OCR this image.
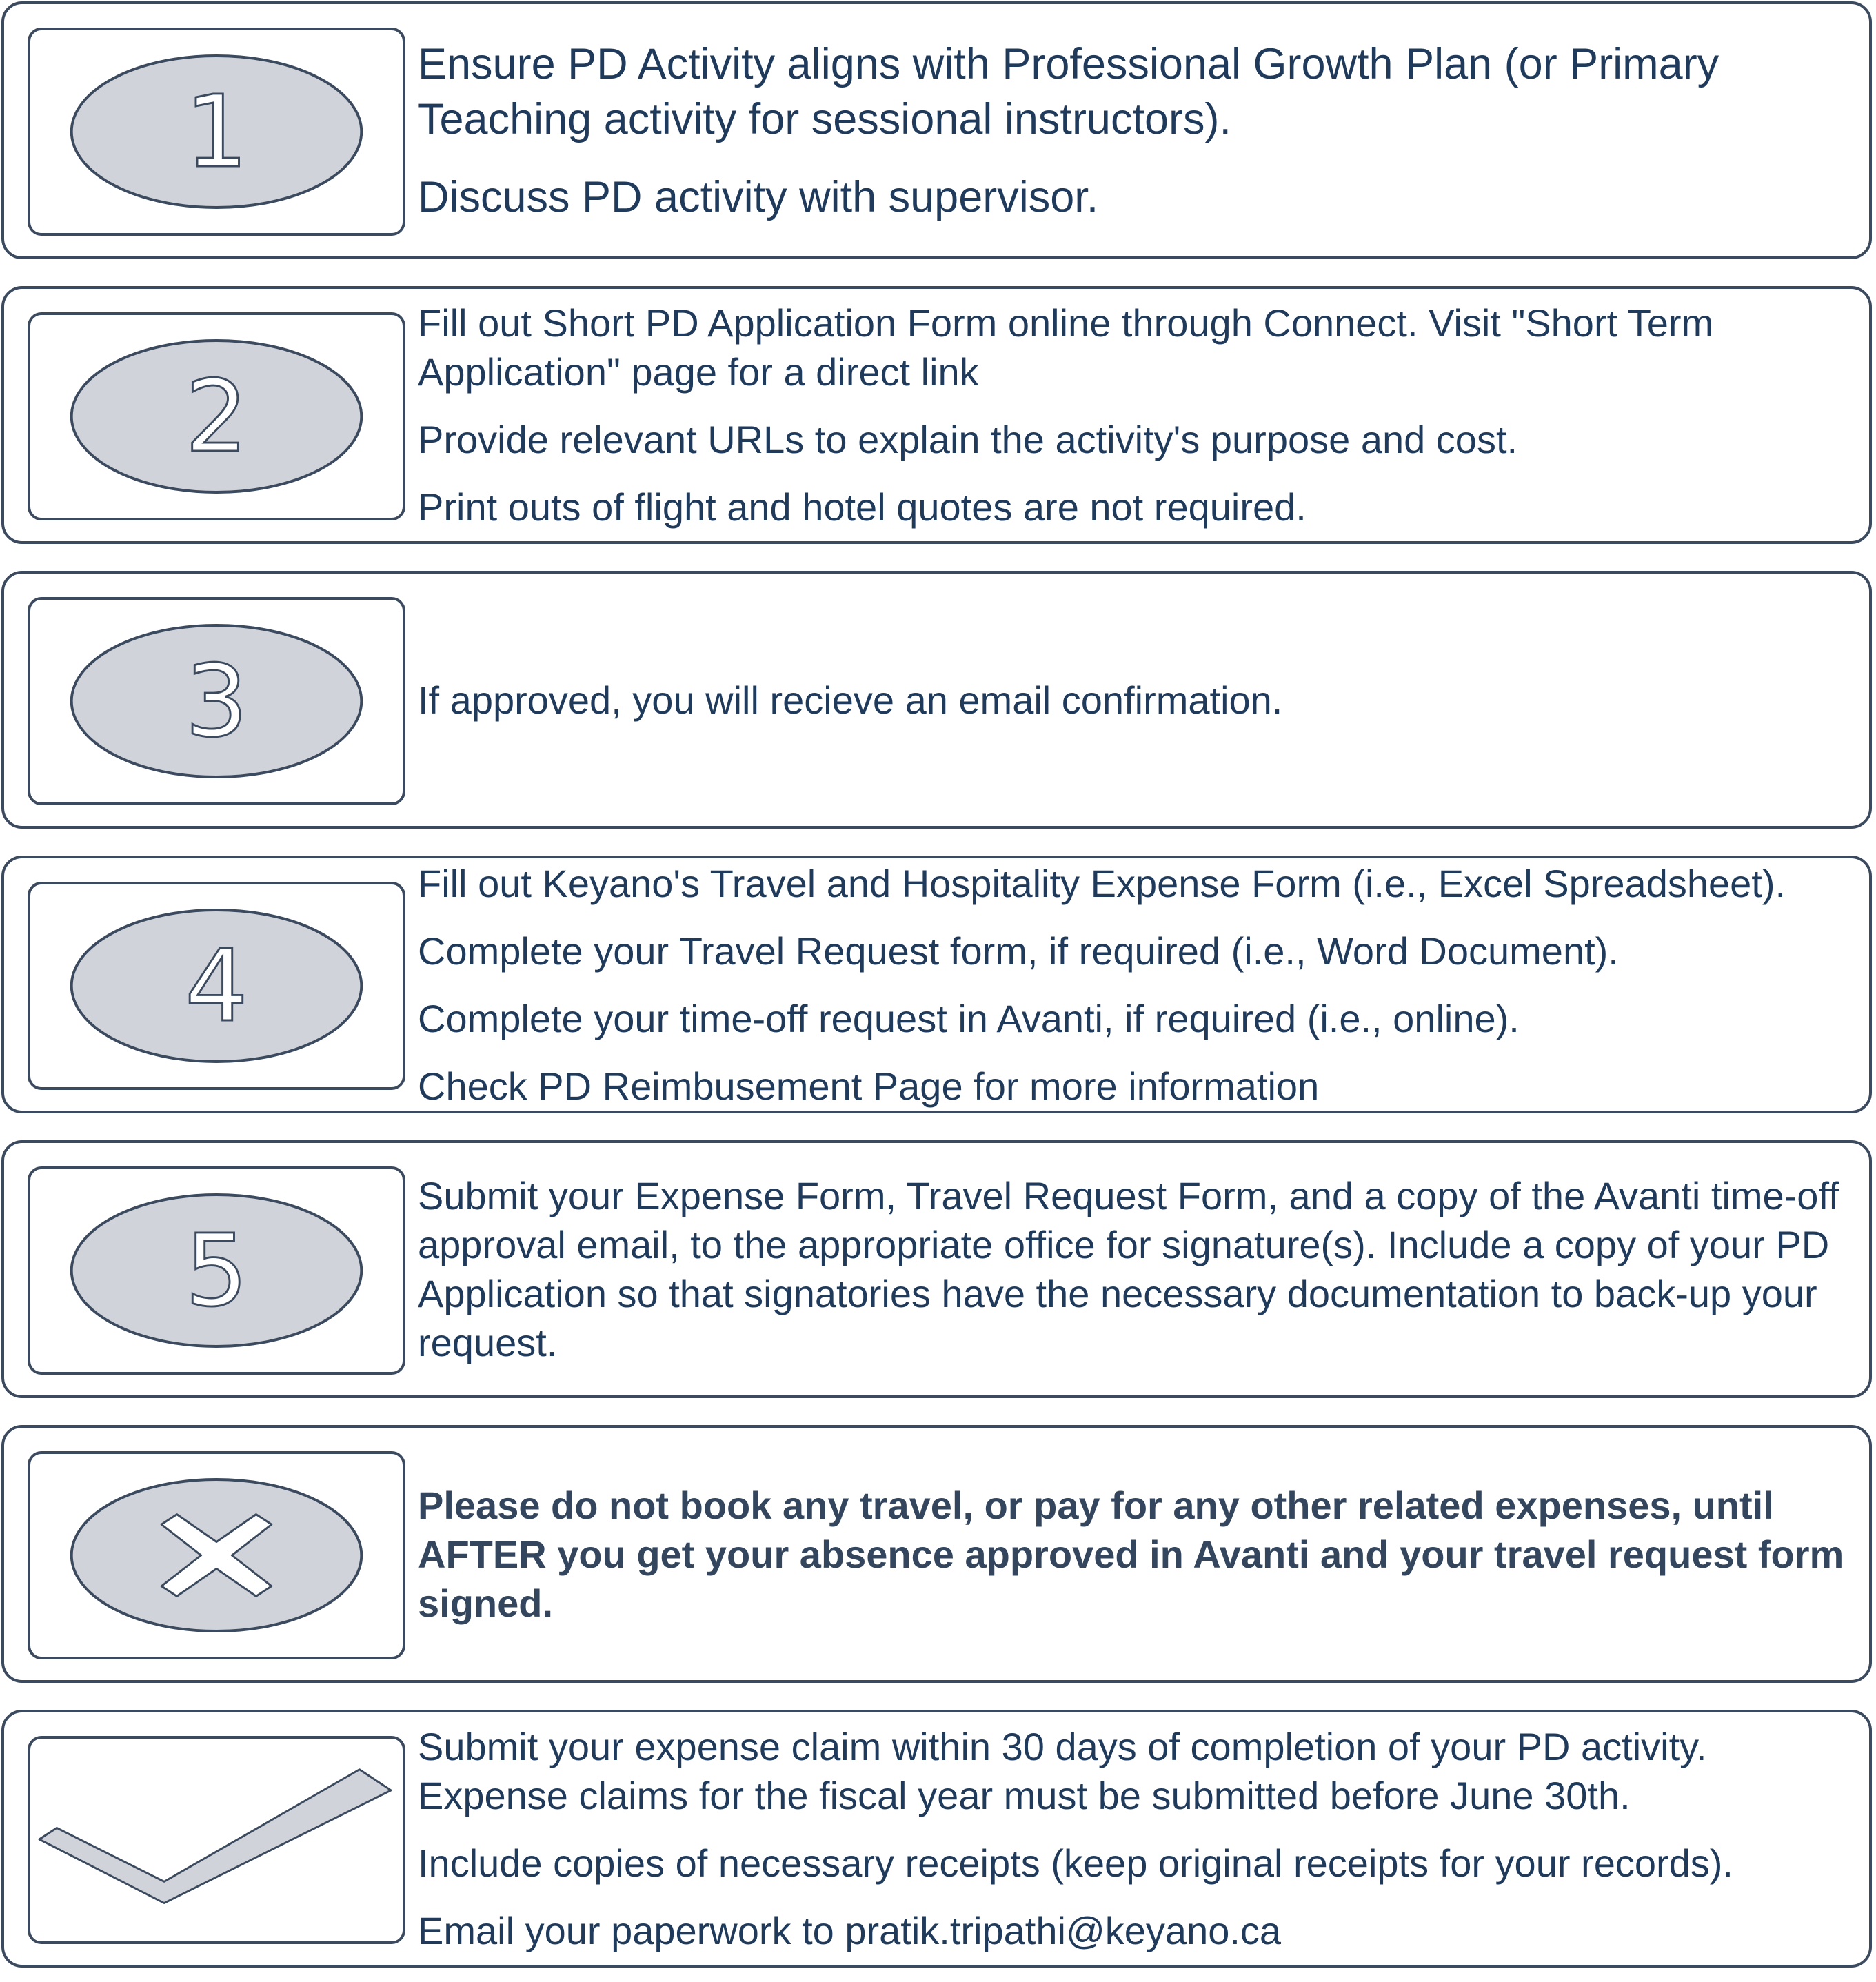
1

Ensure PD Activity aligns with Professional Growth Plan (or Primary Teaching activity for sessional instructors).

Discuss PD activity with supervisor.

2

Fill out Short PD Application Form online through Connect. Visit "Short Term Application" page for a direct link

Provide relevant URLs to explain the activity's purpose and cost.

Print outs of flight and hotel quotes are not required.

3	If approved, you will recieve an email confirmation.

4

Fill out Keyano's Travel and Hospitality Expense Form (i.e., Excel Spreadsheet).

Complete your Travel Request form, if required (i.e., Word Document).

Complete your time-off request in Avanti, if required (i.e., online).

Check PD Reimbusement Page for more information

5

Submit your Expense Form, Travel Request Form, and a copy of the Avanti time-off approval email, to the appropriate office for signature(s). Include a copy of your PD Application so that signatories have the necessary documentation to back-up your request.

Please do not book any travel, or pay for any other related expenses, until AFTER you get your absence approved in Avanti and your travel request form signed.

Submit your expense claim within 30 days of completion of your PD activity. Expense claims for the fiscal year must be submitted before June 30th.

Include copies of necessary receipts (keep original receipts for your records).

Email your paperwork to pratik.tripathi@keyano.ca
